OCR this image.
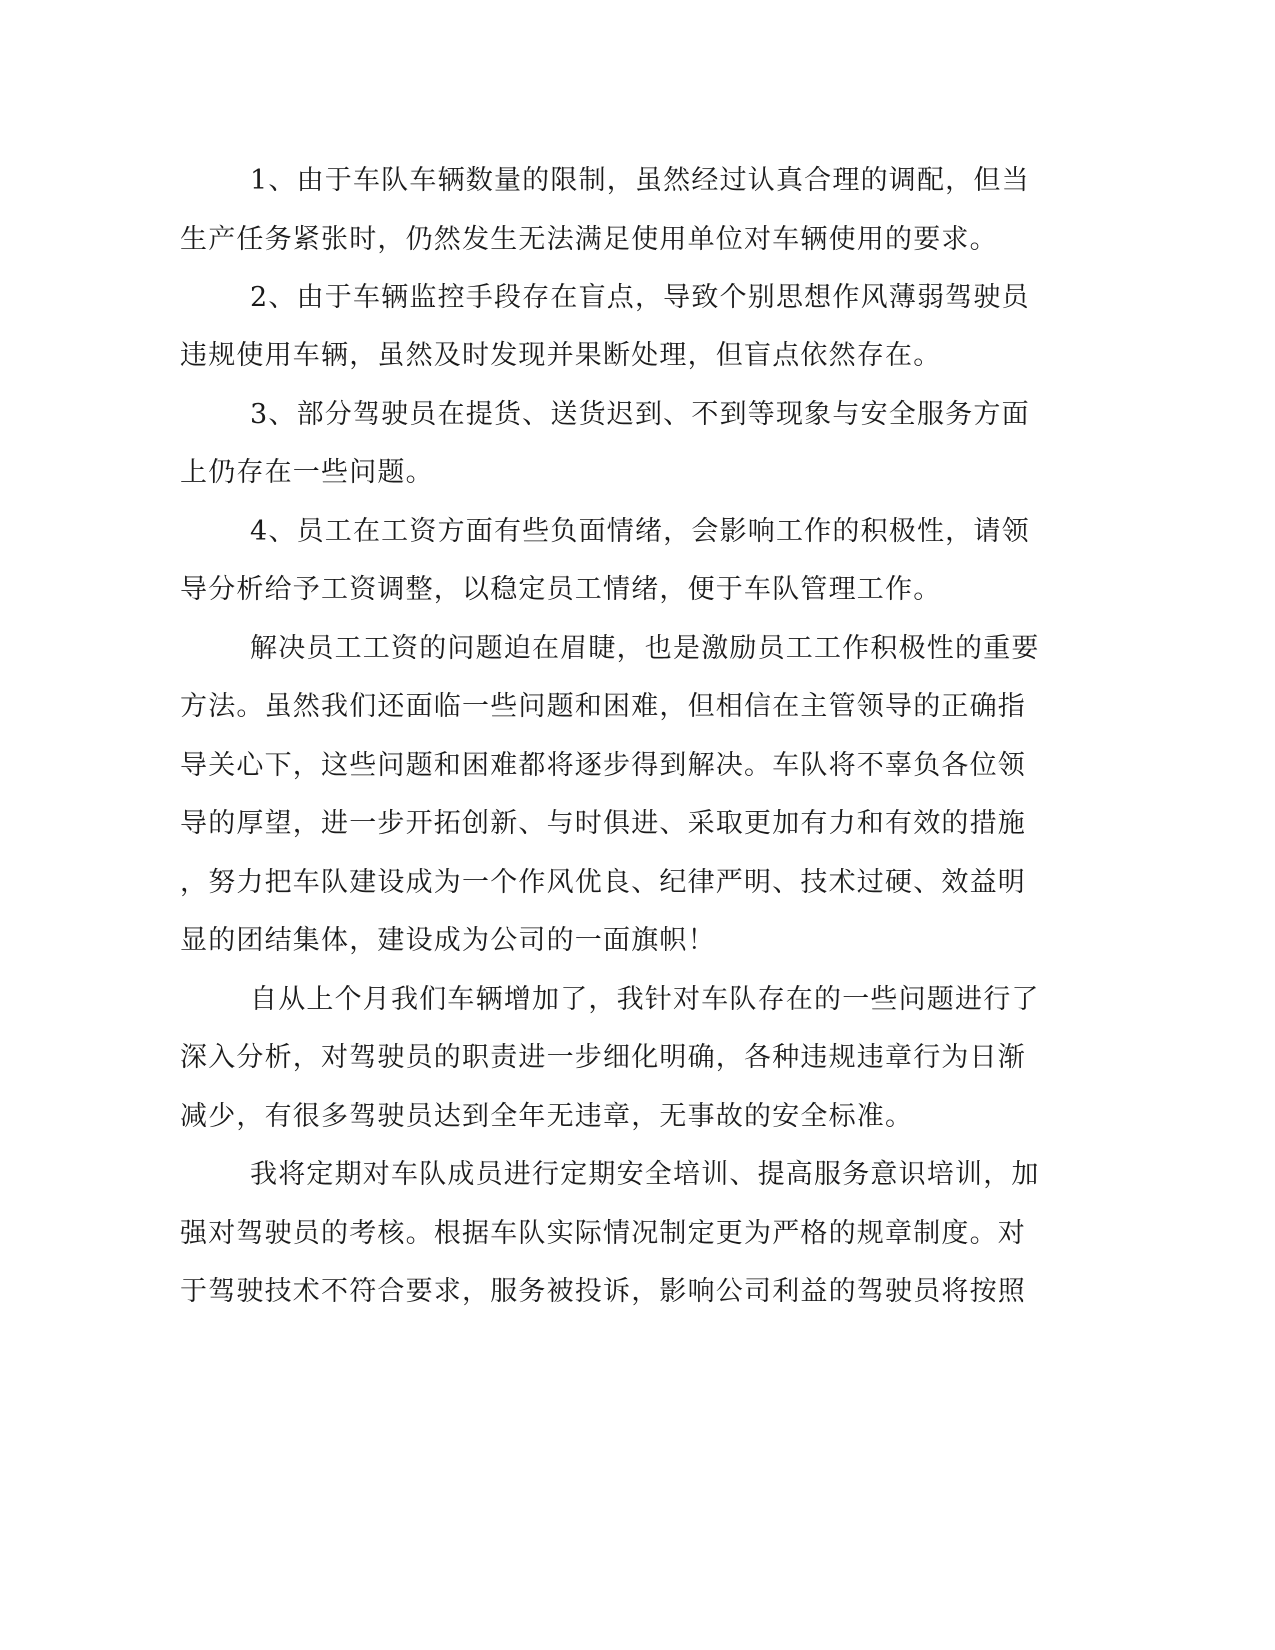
1、由于车队车辆数量的限制，虽然经过认真合理的调配，但当

生产任务紧张时，仍然发生无法满足使用单位对车辆使用的要求。

2、由于车辆监控手段存在盲点，导致个别思想作风薄弱驾驶员

违规使用车辆，虽然及时发现并果断处理，但盲点依然存在。

3、部分驾驶员在提货、送货迟到、不到等现象与安全服务方面

上仍存在一些问题。

4、员工在工资方面有些负面情绪，会影响工作的积极性，请领

导分析给予工资调整，以稳定员工情绪，便于车队管理工作。

解决员工工资的问题迫在眉睫，也是激励员工工作积极性的重要

方法。虽然我们还面临一些问题和困难，但相信在主管领导的正确指

导关心下，这些问题和困难都将逐步得到解决。车队将不辜负各位领

导的厚望，进一步开拓创新、与时俱进、采取更加有力和有效的措施

，努力把车队建设成为一个作风优良、纪律严明、技术过硬、效益明

显的团结集体，建设成为公司的一面旗帜！

自从上个月我们车辆增加了，我针对车队存在的一些问题进行了

深入分析，对驾驶员的职责进一步细化明确，各种违规违章行为日渐

减少，有很多驾驶员达到全年无违章，无事故的安全标准。

我将定期对车队成员进行定期安全培训、提高服务意识培训，加

强对驾驶员的考核。根据车队实际情况制定更为严格的规章制度。对

于驾驶技术不符合要求，服务被投诉，影响公司利益的驾驶员将按照
